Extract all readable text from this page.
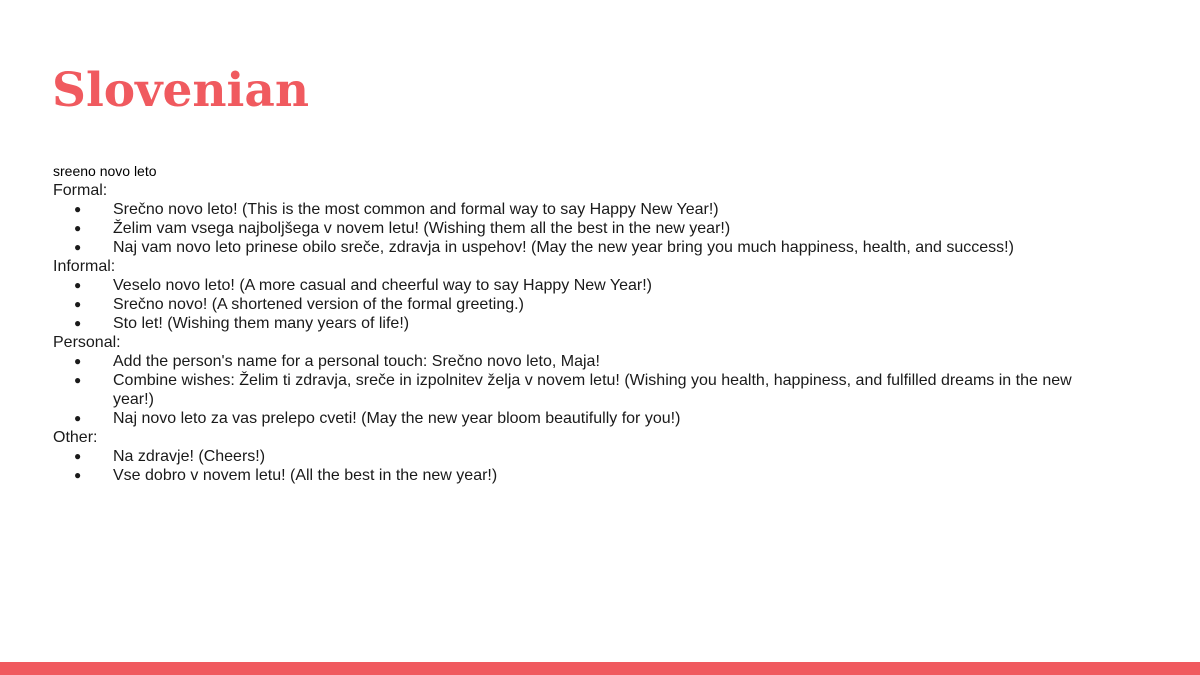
Slovenian
sreeno novo leto
Formal:
● Srečno novo leto! (This is the most common and formal way to say Happy New Year!)
● Želim vam vsega najboljšega v novem letu! (Wishing them all the best in the new year!)
● Naj vam novo leto prinese obilo sreče, zdravja in uspehov! (May the new year bring you much happiness, health, and success!)
Informal:
● Veselo novo leto! (A more casual and cheerful way to say Happy New Year!)
● Srečno novo! (A shortened version of the formal greeting.)
● Sto let! (Wishing them many years of life!)
Personal:
● Add the person's name for a personal touch: Srečno novo leto, Maja!
● Combine wishes: Želim ti zdravja, sreče in izpolnitev želja v novem letu! (Wishing you health, happiness, and fulfilled dreams in the new year!)
● Naj novo leto za vas prelepo cveti! (May the new year bloom beautifully for you!)
Other:
● Na zdravje! (Cheers!)
● Vse dobro v novem letu! (All the best in the new year!)
